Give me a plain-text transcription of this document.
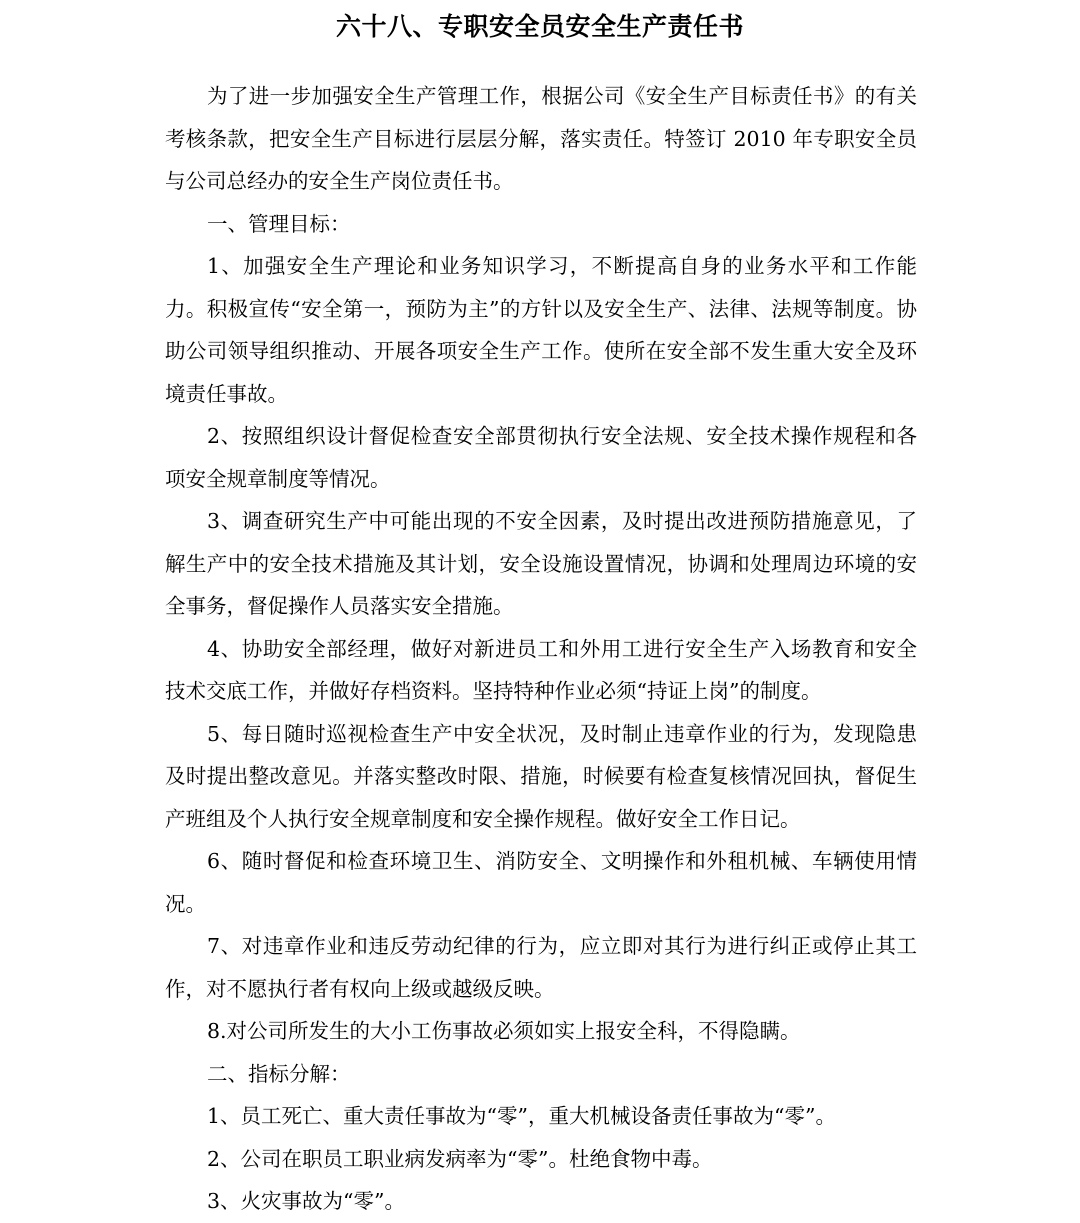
六十八、专职安全员安全生产责任书

为了进一步加强安全生产管理工作，根据公司《安全生产目标责任书》的有关考核条款，把安全生产目标进行层层分解，落实责任。特签订 2010 年专职安全员与公司总经办的安全生产岗位责任书。

一、管理目标：

1、加强安全生产理论和业务知识学习，不断提高自身的业务水平和工作能力。积极宣传“安全第一，预防为主”的方针以及安全生产、法律、法规等制度。协助公司领导组织推动、开展各项安全生产工作。使所在安全部不发生重大安全及环境责任事故。

2、按照组织设计督促检查安全部贯彻执行安全法规、安全技术操作规程和各项安全规章制度等情况。

3、调查研究生产中可能出现的不安全因素，及时提出改进预防措施意见，了解生产中的安全技术措施及其计划，安全设施设置情况，协调和处理周边环境的安全事务，督促操作人员落实安全措施。

4、协助安全部经理，做好对新进员工和外用工进行安全生产入场教育和安全技术交底工作，并做好存档资料。坚持特种作业必须“持证上岗”的制度。

5、每日随时巡视检查生产中安全状况，及时制止违章作业的行为，发现隐患及时提出整改意见。并落实整改时限、措施，时候要有检查复核情况回执，督促生产班组及个人执行安全规章制度和安全操作规程。做好安全工作日记。

6、随时督促和检查环境卫生、消防安全、文明操作和外租机械、车辆使用情况。

7、对违章作业和违反劳动纪律的行为，应立即对其行为进行纠正或停止其工作，对不愿执行者有权向上级或越级反映。

8.对公司所发生的大小工伤事故必须如实上报安全科，不得隐瞒。

二、指标分解：

1、员工死亡、重大责任事故为“零”，重大机械设备责任事故为“零”。

2、公司在职员工职业病发病率为“零”。杜绝食物中毒。

3、火灾事故为“零”。
